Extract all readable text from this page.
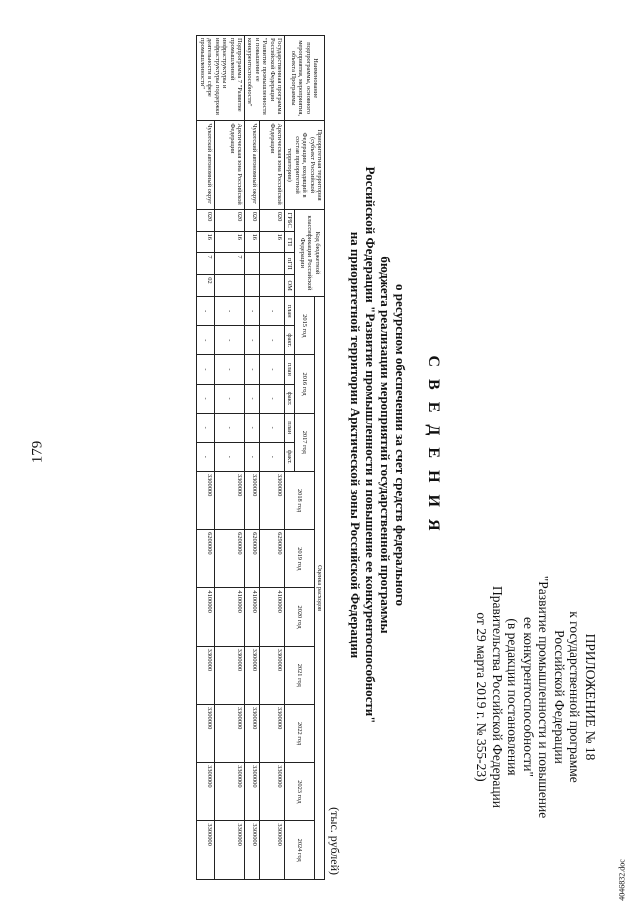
179
4046832.doc
ПРИЛОЖЕНИЕ № 18
к государственной программе
Российской Федерации
"Развитие промышленности и повышение
ее конкурентоспособности"
(в редакции постановления
Правительства Российской Федерации
от 29 марта 2019 г. № 355-23)
С В Е Д Е Н И Я
о ресурсном обеспечении за счет средств федерального
бюджета реализации мероприятий государственной программы
Российской Федерации "Развитие промышленности и повышение ее конкурентоспособности"
на приоритетной территории Арктической зоны Российской Федерации
(тыс. рублей)
Наименование подпрограммы, основного мероприятия, мероприятия, объекта Программы	Приоритетная территория (субъект Российской Федерации, входящий в состав приоритетной территории)	Код бюджетной классификации Российской Федерации				Оценка расходов												
						2015 год		2016 год		2017 год		2018 год	2019 год	2020 год	2021 год	2022 год	2023 год	2024 год

		ГРБС	ГП	пГП	ОМ	план	факт.	план	факт.	план	факт.							
Государственная программа Российской Федерации "Развитие промышленности и повышение ее конкурентоспособности"	Арктическая зона Российской Федерации	020	16			-	-	-	-	-	-	3300000	6290000	4100000	3300000	3300000	3300000	3300000
	Чукотский автономный округ	020	16			-	-	-	-	-	-	3300000	6200000	4100000	3300000	3300000	3300000	3300000
Подпрограмма 7 "Развитие промышленной инфраструктуры и инфраструктуры поддержки деятельности в сфере промышленности"	Арктическая зона Российской Федерации	020	16	7		-	-	-	-	-	-	3300000	6200000	4100000	3300000	3300000	3300000	3300000
	Чукотский автономный округ	020	16	7	02	-	-	-	-	-	-	3300000	6200000	4100000	3300000	3300000	3300000	3300000
